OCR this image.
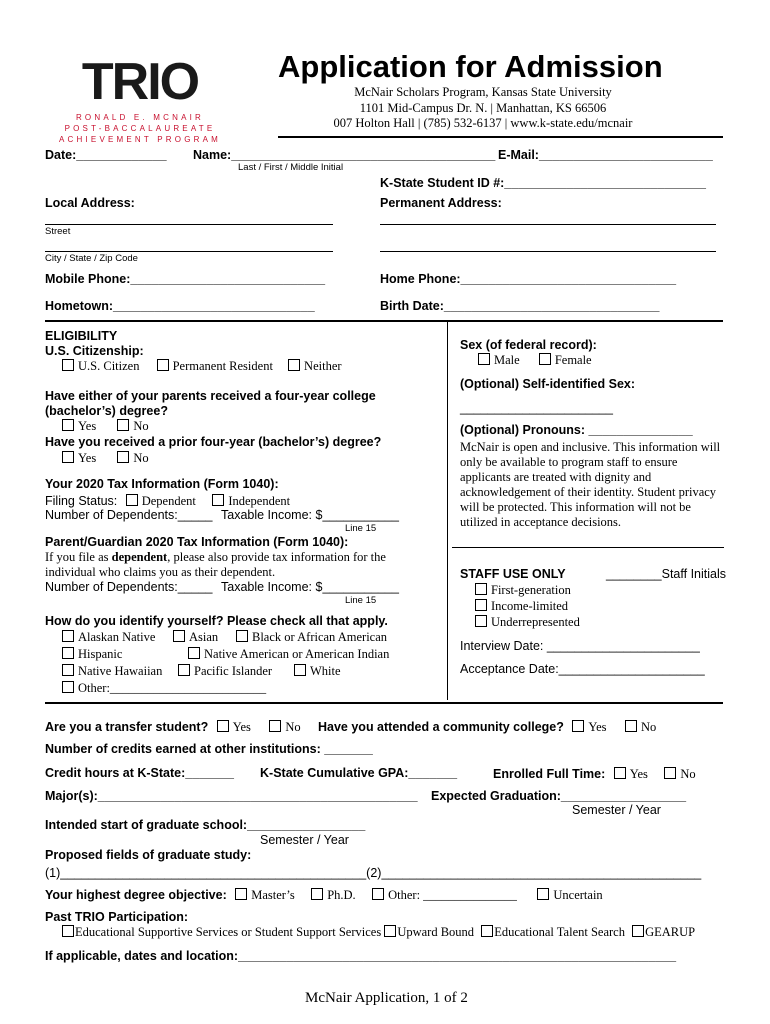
TRIO
RONALD E. MCNAIR
POST-BACCALAUREATE
ACHIEVEMENT PROGRAM
Application for Admission
McNair Scholars Program, Kansas State University
1101 Mid-Campus Dr. N. | Manhattan, KS 66506
007 Holton Hall | (785) 532-6137 | www.k-state.edu/mcnair
Date:_____________ Name:______________________________________
Last / First / Middle Initial
E-Mail:_________________________
K-State Student ID #:_____________________________
Local Address:	Permanent Address:
Street
City / State / Zip Code
Mobile Phone:____________________________	Home Phone:_______________________________
Hometown:_____________________________	Birth Date:_______________________________
ELIGIBILITY
U.S. Citizenship:
U.S. Citizen	Permanent Resident Neither
Have either of your parents received a four-year college
(bachelor’s) degree?
Yes	No
Have you received a prior four-year (bachelor’s) degree?
Yes	No
Your 2020 Tax Information (Form 1040):
Filing Status: Dependent	Independent
Number of Dependents:_____ Taxable Income: $___________
Line 15
Parent/Guardian 2020 Tax Information (Form 1040):
If you file as dependent, please also provide tax information for the
individual who claims you as their dependent.
Number of Dependents:_____ Taxable Income: $___________
Line 15
How do you identify yourself? Please check all that apply.
Alaskan Native	Asian	Black or African American
Hispanic	Native American or American Indian
Native Hawaiian	Pacific Islander	White
Other:_________________________
Sex (of federal record):
Male	Female
(Optional) Self-identified Sex:
______________________
(Optional) Pronouns: _______________
McNair is open and inclusive. This information will only be available to program staff to ensure applicants are treated with dignity and acknowledgement of their identity. Student privacy will be protected. This information will not be utilized in acceptance decisions.
STAFF USE ONLY	________Staff Initials
First-generation
Income-limited
Underrepresented
Interview Date: ______________________
Acceptance Date:_____________________
Are you a transfer student? Yes	No Have you attended a community college? Yes	No
Number of credits earned at other institutions: _______
Credit hours at K-State:_______ K-State Cumulative GPA:_______	Enrolled Full Time: Yes	No
Major(s):______________________________________________ Expected Graduation:__________________
Semester / Year
Intended start of graduate school:_________________
Semester / Year
Proposed fields of graduate study:
(1)____________________________________________(2)______________________________________________
Your highest degree objective: Master’s	Ph.D.	Other: _______________	Uncertain
Past TRIO Participation:
Educational Supportive Services or Student Support Services Upward Bound Educational Talent Search GEARUP
If applicable, dates and location:_______________________________________________________________
McNair Application, 1 of 2
